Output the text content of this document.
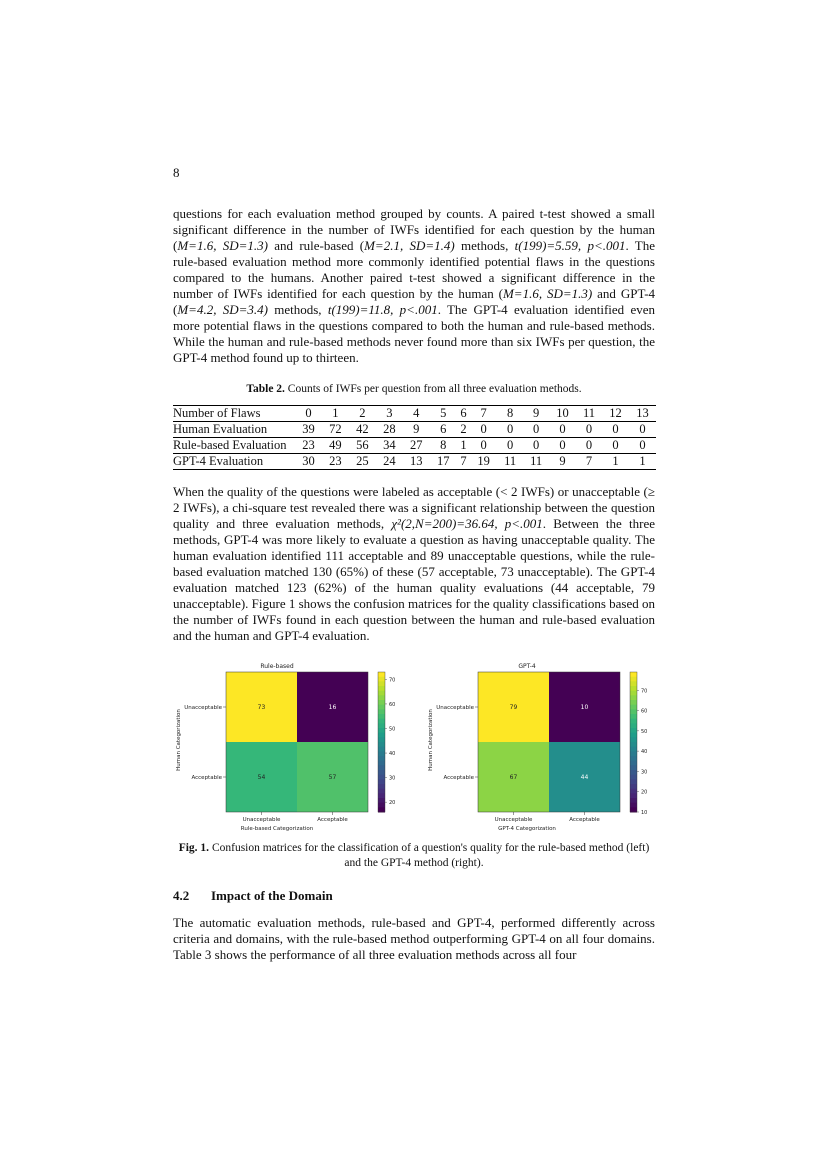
8

questions for each evaluation method grouped by counts. A paired t-test showed a small significant difference in the number of IWFs identified for each question by the human (M=1.6, SD=1.3) and rule-based (M=2.1, SD=1.4) methods, t(199)=5.59, p<.001. The rule-based evaluation method more commonly identified potential flaws in the questions compared to the humans. Another paired t-test showed a significant difference in the number of IWFs identified for each question by the human (M=1.6, SD=1.3) and GPT-4 (M=4.2, SD=3.4) methods, t(199)=11.8, p<.001. The GPT-4 evaluation identified even more potential flaws in the questions compared to both the human and rule-based methods. While the human and rule-based methods never found more than six IWFs per question, the GPT-4 method found up to thirteen.

Table 2. Counts of IWFs per question from all three evaluation methods.
Number of Flaws	0	1	2	3	4	5	6	7	8	9	10	11	12	13
Human Evaluation	39	72	42	28	9	6	2	0	0	0	0	0	0	0
Rule-based Evaluation	23	49	56	34	27	8	1	0	0	0	0	0	0	0
GPT-4 Evaluation	30	23	25	24	13	17	7	19	11	11	9	7	1	1

When the quality of the questions were labeled as acceptable (< 2 IWFs) or unacceptable (≥ 2 IWFs), a chi-square test revealed there was a significant relationship between the question quality and three evaluation methods, χ²(2,N=200)=36.64, p<.001. Between the three methods, GPT-4 was more likely to evaluate a question as having unacceptable quality. The human evaluation identified 111 acceptable and 89 unacceptable questions, while the rule-based evaluation matched 130 (65%) of these (57 acceptable, 73 unacceptable). The GPT-4 evaluation matched 123 (62%) of the human quality evaluations (44 acceptable, 79 unacceptable). Figure 1 shows the confusion matrices for the quality classifications based on the number of IWFs found in each question between the human and rule-based evaluation and the human and GPT-4 evaluation.

Rule-based
73	16
54	57
Unacceptable
Acceptable
Unacceptable	Acceptable
20
30
40
50
60
70
Human Categorization
Rule-based Categorization
GPT-4
79	10
67	44
Unacceptable
Acceptable
Unacceptable	Acceptable
10
20
30
40
50
60
70
Human Categorization
GPT-4 Categorization
Fig. 1. Confusion matrices for the classification of a question's quality for the rule-based method (left) and the GPT-4 method (right).
4.2 Impact of the Domain

The automatic evaluation methods, rule-based and GPT-4, performed differently across criteria and domains, with the rule-based method outperforming GPT-4 on all four domains. Table 3 shows the performance of all three evaluation methods across all four
